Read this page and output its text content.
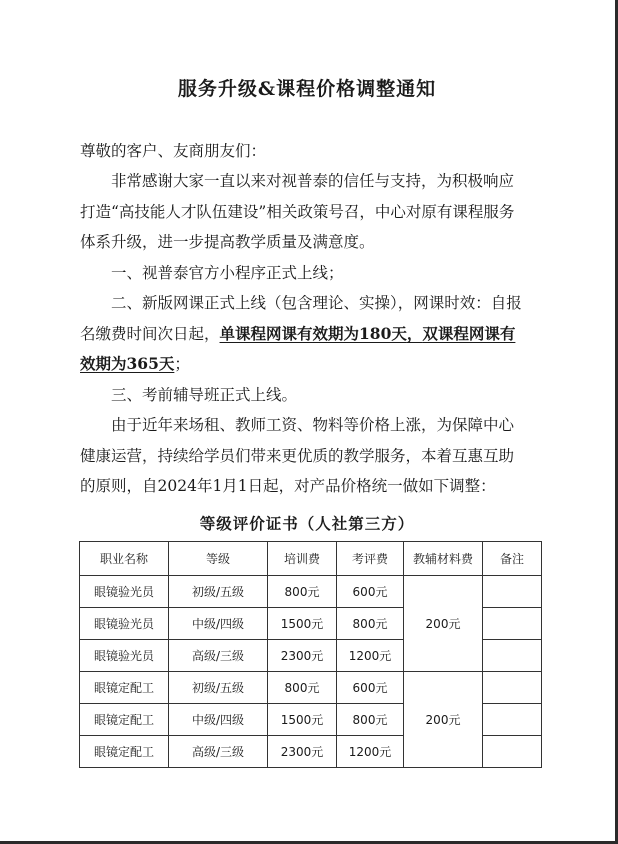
服务升级&课程价格调整通知

尊敬的客户、友商朋友们：

非常感谢大家一直以来对视普泰的信任与支持，为积极响应打造“高技能人才队伍建设”相关政策号召，中心对原有课程服务体系升级，进一步提高教学质量及满意度。

一、视普泰官方小程序正式上线；

二、新版网课正式上线（包含理论、实操），网课时效：自报名缴费时间次日起，单课程网课有效期为180天，双课程网课有效期为365天；

三、考前辅导班正式上线。

由于近年来场租、教师工资、物料等价格上涨，为保障中心健康运营，持续给学员们带来更优质的教学服务，本着互惠互助的原则，自2024年1月1日起，对产品价格统一做如下调整：

等级评价证书（人社第三方）
职业名称	等级	培训费	考评费	教辅材料费	备注
眼镜验光员	初级/五级	800元	600元	200元	
眼镜验光员	中级/四级	1500元	800元		
眼镜验光员	高级/三级	2300元	1200元		
眼镜定配工	初级/五级	800元	600元	200元	
眼镜定配工	中级/四级	1500元	800元		
眼镜定配工	高级/三级	2300元	1200元		
